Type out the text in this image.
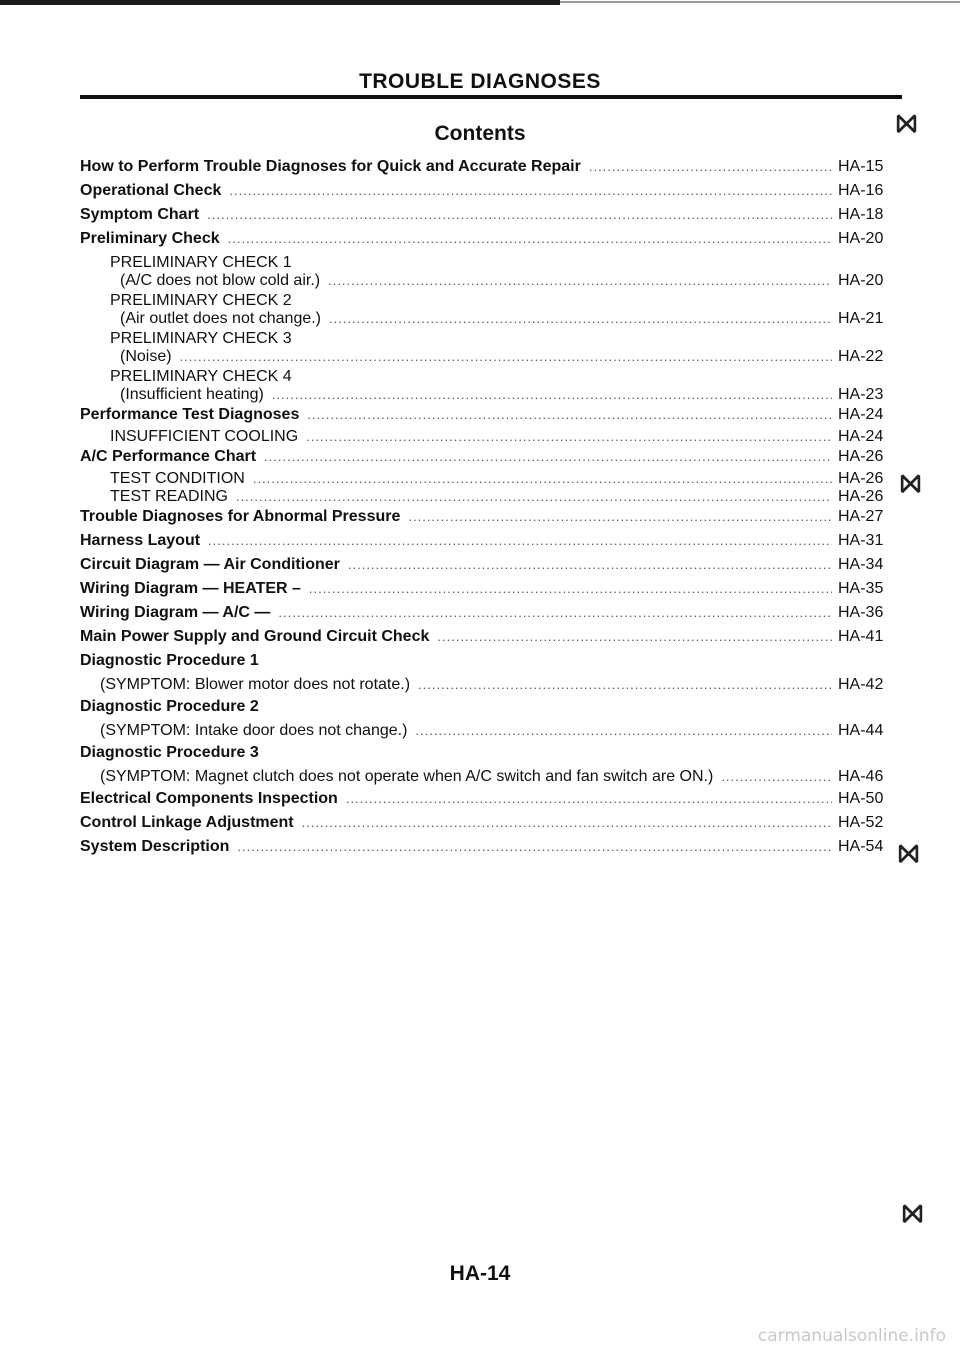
TROUBLE DIAGNOSES
Contents	⨝
⨝
⨝
⨝
How to Perform Trouble Diagnoses for Quick and Accurate Repair .....	HA-15
Operational Check .....	HA-16
Symptom Chart .....	HA-18
Preliminary Check .....	HA-20
PRELIMINARY CHECK 1
(A/C does not blow cold air.) .....	HA-20
PRELIMINARY CHECK 2
(Air outlet does not change.) .....	HA-21
PRELIMINARY CHECK 3
(Noise) .....	HA-22
PRELIMINARY CHECK 4
(Insufficient heating) .....	HA-23
Performance Test Diagnoses .....	HA-24
INSUFFICIENT COOLING .....	HA-24
A/C Performance Chart .....	HA-26
TEST CONDITION .....	HA-26
TEST READING .....	HA-26
Trouble Diagnoses for Abnormal Pressure .....	HA-27
Harness Layout .....	HA-31
Circuit Diagram — Air Conditioner .....	HA-34
Wiring Diagram — HEATER – .....	HA-35
Wiring Diagram — A/C — .....	HA-36
Main Power Supply and Ground Circuit Check .....	HA-41
Diagnostic Procedure 1
(SYMPTOM: Blower motor does not rotate.) .....	HA-42
Diagnostic Procedure 2
(SYMPTOM: Intake door does not change.) .....	HA-44
Diagnostic Procedure 3
(SYMPTOM: Magnet clutch does not operate when A/C switch and fan switch are ON.) .....	HA-46
Electrical Components Inspection .....	HA-50
Control Linkage Adjustment .....	HA-52
System Description .....	HA-54
HA-14
carmanualsonline.info
